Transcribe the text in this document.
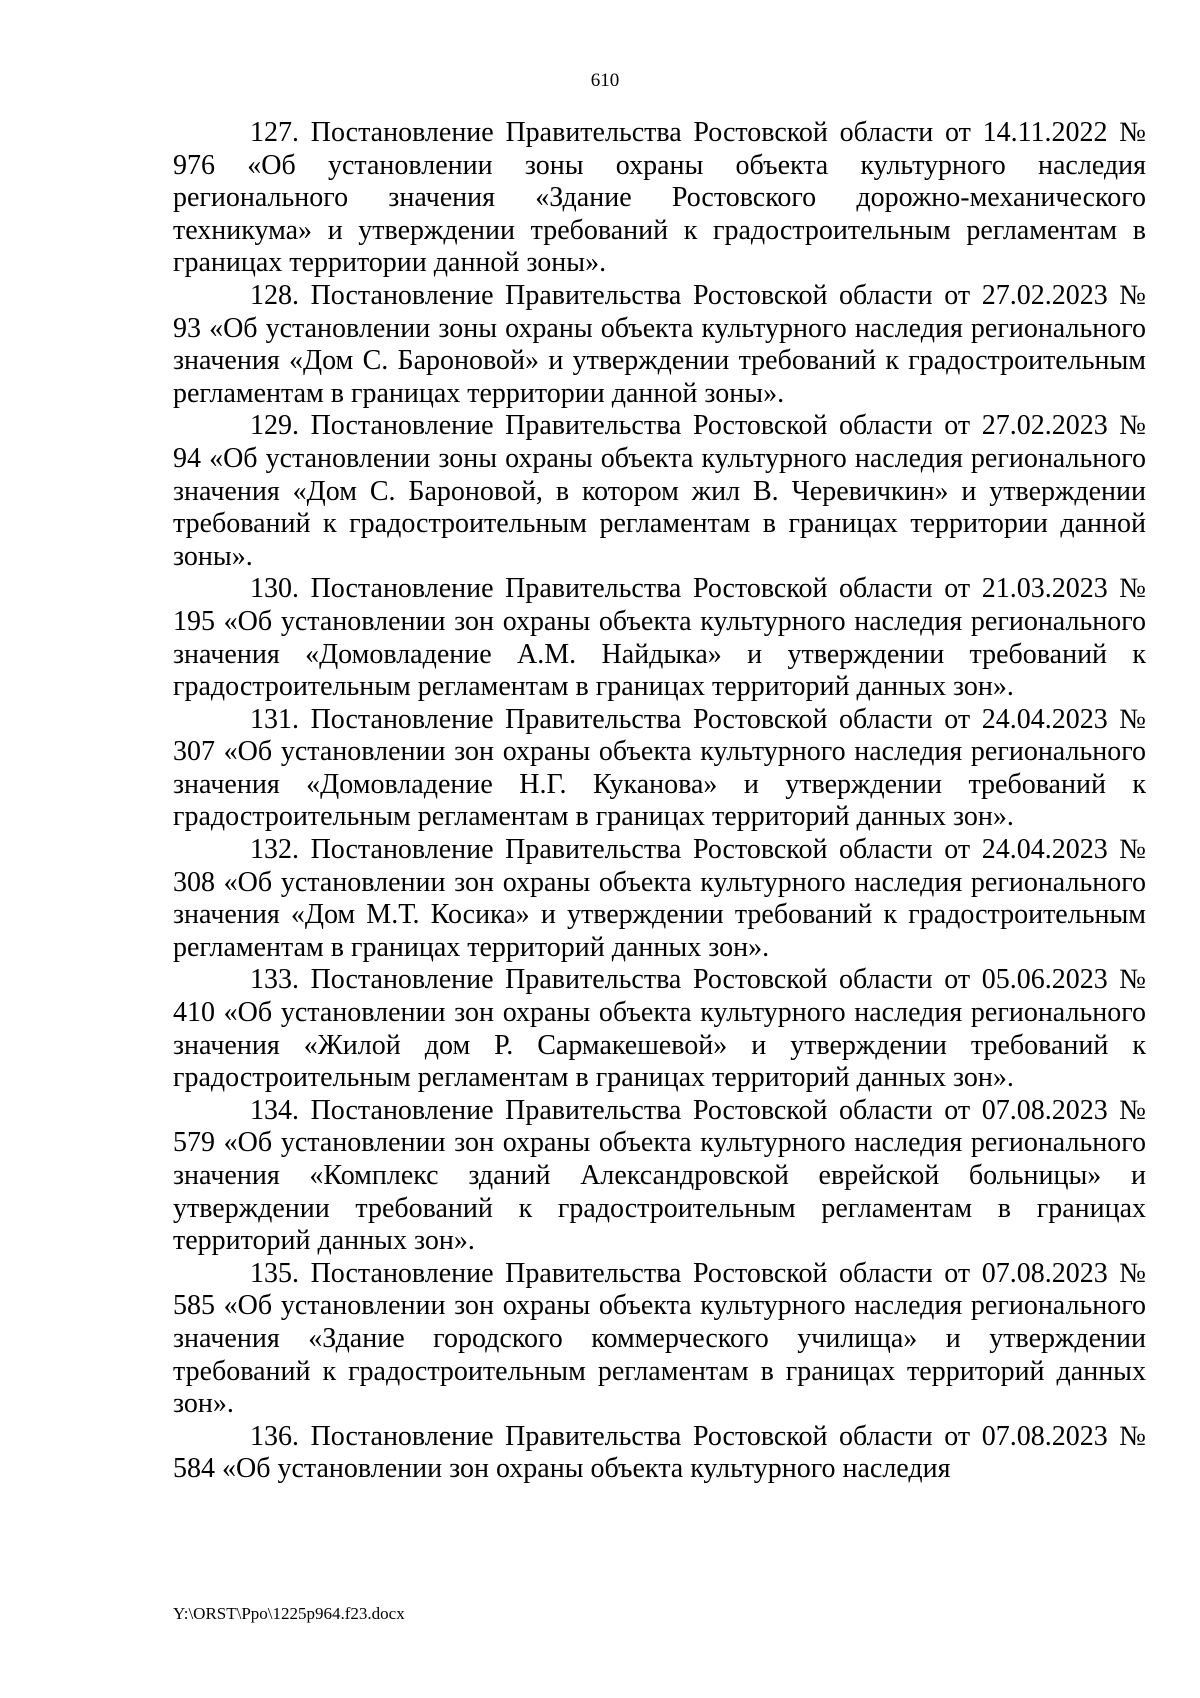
610

127. Постановление Правительства Ростовской области от 14.11.2022 № 976 «Об установлении зоны охраны объекта культурного наследия регионального значения «Здание Ростовского дорожно-механического техникума» и утверждении требований к градостроительным регламентам в границах территории данной зоны».

128. Постановление Правительства Ростовской области от 27.02.2023 № 93 «Об установлении зоны охраны объекта культурного наследия регионального значения «Дом С. Бароновой» и утверждении требований к градостроительным регламентам в границах территории данной зоны».

129. Постановление Правительства Ростовской области от 27.02.2023 № 94 «Об установлении зоны охраны объекта культурного наследия регионального значения «Дом С. Бароновой, в котором жил В. Черевичкин» и утверждении требований к градостроительным регламентам в границах территории данной зоны».

130. Постановление Правительства Ростовской области от 21.03.2023 № 195 «Об установлении зон охраны объекта культурного наследия регионального значения «Домовладение А.М. Найдыка» и утверждении требований к градостроительным регламентам в границах территорий данных зон».

131. Постановление Правительства Ростовской области от 24.04.2023 № 307 «Об установлении зон охраны объекта культурного наследия регионального значения «Домовладение Н.Г. Куканова» и утверждении требований к градостроительным регламентам в границах территорий данных зон».

132. Постановление Правительства Ростовской области от 24.04.2023 № 308 «Об установлении зон охраны объекта культурного наследия регионального значения «Дом М.Т. Косика» и утверждении требований к градостроительным регламентам в границах территорий данных зон».

133. Постановление Правительства Ростовской области от 05.06.2023 № 410 «Об установлении зон охраны объекта культурного наследия регионального значения «Жилой дом Р. Сармакешевой» и утверждении требований к градостроительным регламентам в границах территорий данных зон».

134. Постановление Правительства Ростовской области от 07.08.2023 № 579 «Об установлении зон охраны объекта культурного наследия регионального значения «Комплекс зданий Александровской еврейской больницы» и утверждении требований к градостроительным регламентам в границах территорий данных зон».

135. Постановление Правительства Ростовской области от 07.08.2023 № 585 «Об установлении зон охраны объекта культурного наследия регионального значения «Здание городского коммерческого училища» и утверждении требований к градостроительным регламентам в границах территорий данных зон».

136. Постановление Правительства Ростовской области от 07.08.2023 № 584 «Об установлении зон охраны объекта культурного наследия

Y:\ORST\Ppo\1225p964.f23.docx
